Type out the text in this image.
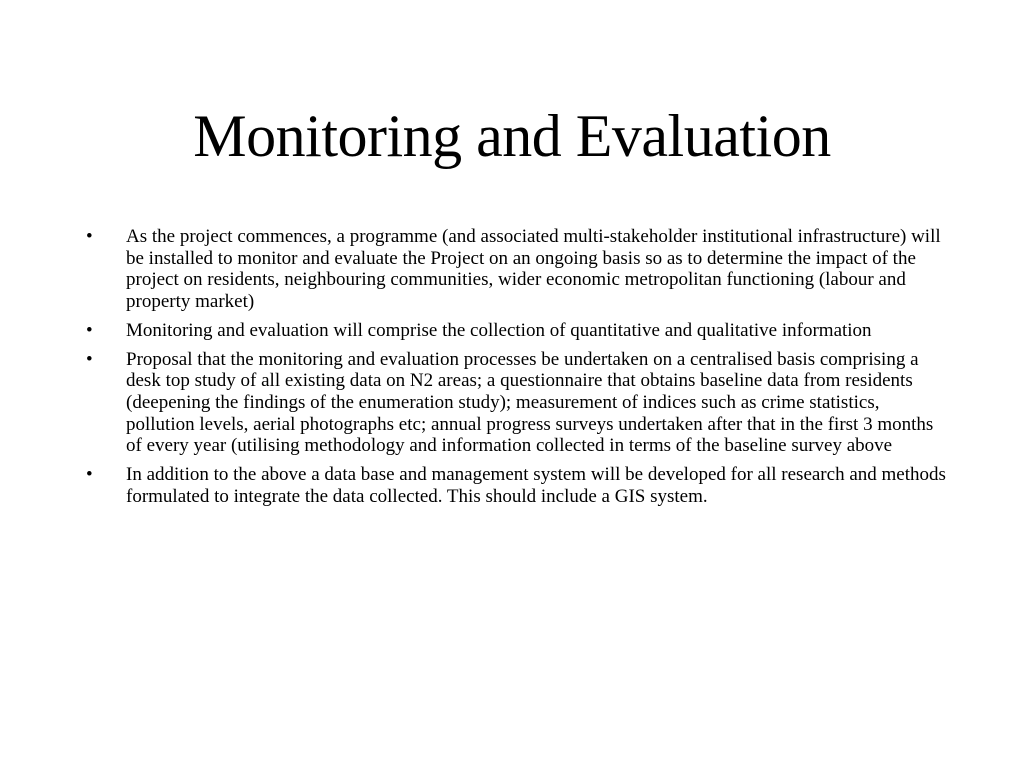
Monitoring and Evaluation
•	As the project commences, a programme (and associated multi-stakeholder institutional infrastructure) will be installed to monitor and evaluate the Project on an ongoing basis so as to determine the impact of the project on residents, neighbouring communities, wider economic metropolitan functioning (labour and property market)
•	Monitoring and evaluation will comprise the collection of quantitative and qualitative information
•	Proposal that the monitoring and evaluation processes be undertaken on a centralised basis comprising a desk top study of all existing data on N2 areas; a questionnaire that obtains baseline data from residents (deepening the findings of the enumeration study); measurement of indices such as crime statistics, pollution levels, aerial photographs etc; annual progress surveys undertaken after that in the first 3 months of every year (utilising methodology and information collected in terms of the baseline survey above
•	In addition to the above a data base and management system will be developed for all research and methods formulated to integrate the data collected. This should include a GIS system.
